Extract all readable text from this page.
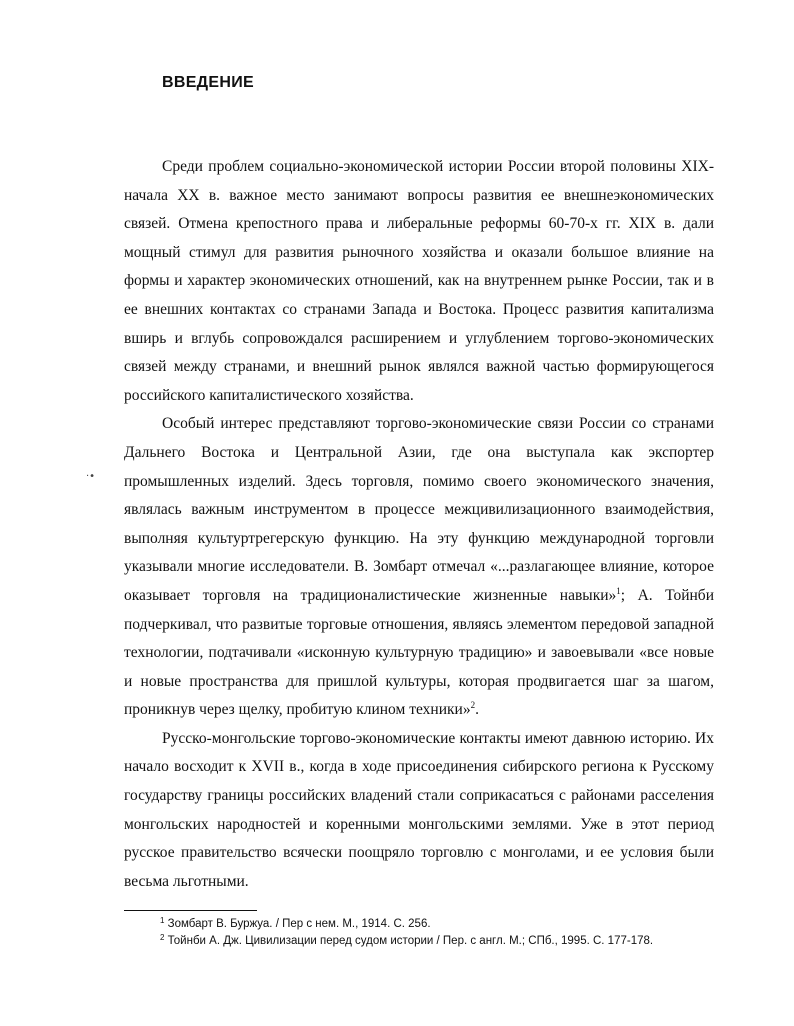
ВВЕДЕНИЕ
·•

Среди проблем социально-экономической истории России второй половины XIX-начала XX в. важное место занимают вопросы развития ее внешнеэкономических связей. Отмена крепостного права и либеральные реформы 60-70-х гг. XIX в. дали мощный стимул для развития рыночного хозяйства и оказали большое влияние на формы и характер экономических отношений, как на внутреннем рынке России, так и в ее внешних контактах со странами Запада и Востока. Процесс развития капитализма вширь и вглубь сопровождался расширением и углублением торгово-экономических связей между странами, и внешний рынок являлся важной частью формирующегося российского капиталистического хозяйства.

Особый интерес представляют торгово-экономические связи России со странами Дальнего Востока и Центральной Азии, где она выступала как экспортер промышленных изделий. Здесь торговля, помимо своего экономического значения, являлась важным инструментом в процессе межцивилизационного взаимодействия, выполняя культуртрегерскую функцию. На эту функцию международной торговли указывали многие исследователи. В. Зомбарт отмечал «...разлагающее влияние, которое оказывает торговля на традиционалистические жизненные навыки»$^1$; А. Тойнби подчеркивал, что развитые торговые отношения, являясь элементом передовой западной технологии, подтачивали «исконную культурную традицию» и завоевывали «все новые и новые пространства для пришлой культуры, которая продвигается шаг за шагом, проникнув через щелку, пробитую клином техники»$^2$.

Русско-монгольские торгово-экономические контакты имеют давнюю историю. Их начало восходит к XVII в., когда в ходе присоединения сибирского региона к Русскому государству границы российских владений стали соприкасаться с районами расселения монгольских народностей и коренными монгольскими землями. Уже в этот период русское правительство всячески поощряло торговлю с монголами, и ее условия были весьма льготными.

$^1$ Зомбарт В. Буржуа. / Пер с нем. М., 1914. С. 256.
$^2$ Тойнби А. Дж. Цивилизации перед судом истории / Пер. с англ. М.; СПб., 1995. С. 177-178.
